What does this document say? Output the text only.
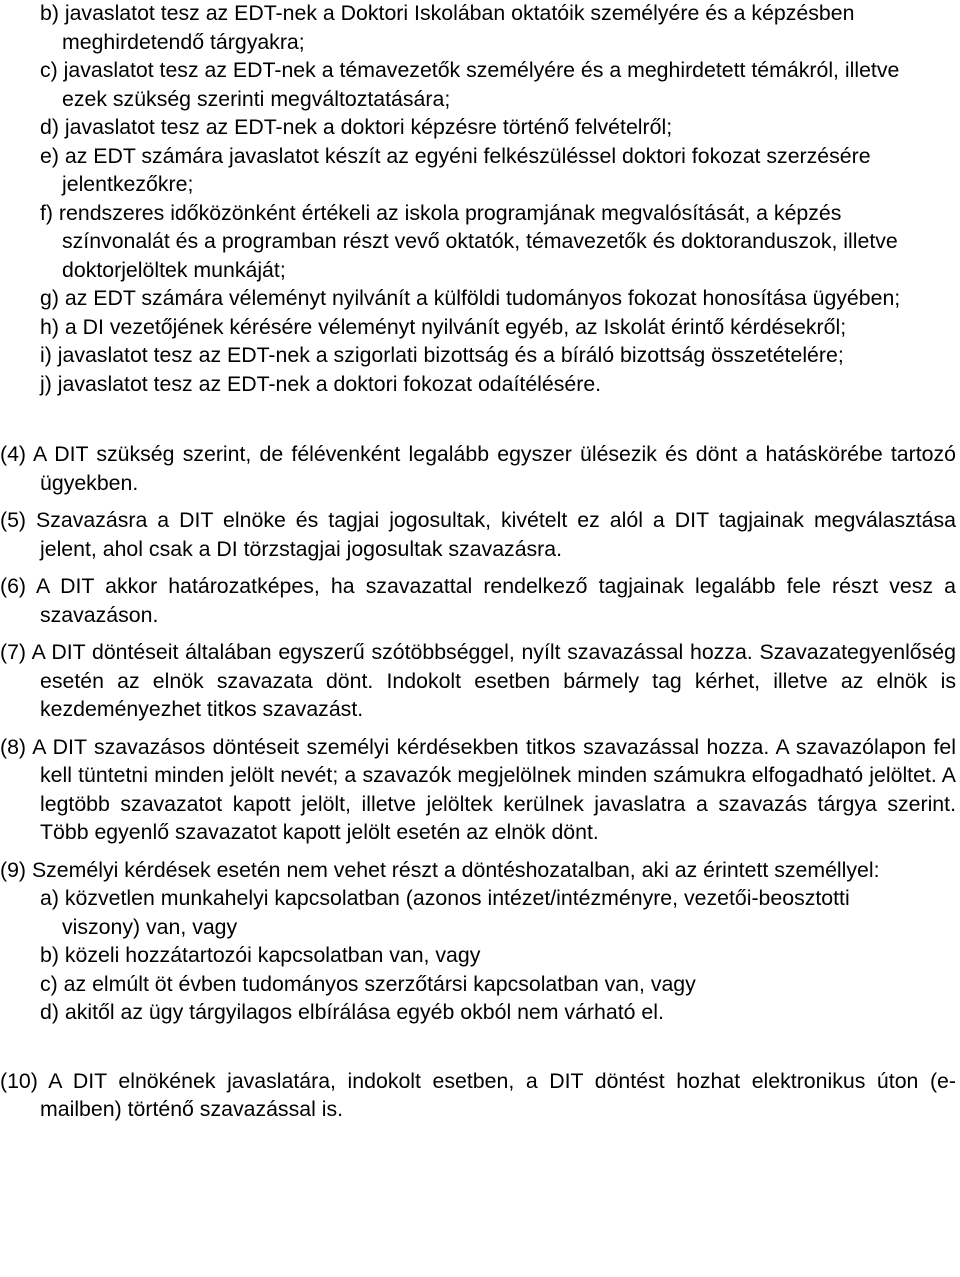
b) javaslatot tesz az EDT-nek a Doktori Iskolában oktatóik személyére és a képzésben meghirdetendő tárgyakra;

c) javaslatot tesz az EDT-nek a témavezetők személyére és a meghirdetett témákról, illetve ezek szükség szerinti megváltoztatására;

d) javaslatot tesz az EDT-nek a doktori képzésre történő felvételről;

e) az EDT számára javaslatot készít az egyéni felkészüléssel doktori fokozat szerzésére jelentkezőkre;

f) rendszeres időközönként értékeli az iskola programjának megvalósítását, a képzés színvonalát és a programban részt vevő oktatók, témavezetők és doktoranduszok, illetve doktorjelöltek munkáját;

g) az EDT számára véleményt nyilvánít a külföldi tudományos fokozat honosítása ügyében;

h) a DI vezetőjének kérésére véleményt nyilvánít egyéb, az Iskolát érintő kérdésekről;

i) javaslatot tesz az EDT-nek a szigorlati bizottság és a bíráló bizottság összetételére;

j) javaslatot tesz az EDT-nek a doktori fokozat odaítélésére.

(4) A DIT szükség szerint, de félévenként legalább egyszer ülésezik és dönt a hatáskörébe tartozó ügyekben.

(5) Szavazásra a DIT elnöke és tagjai jogosultak, kivételt ez alól a DIT tagjainak megválasztása jelent, ahol csak a DI törzstagjai jogosultak szavazásra.

(6) A DIT akkor határozatképes, ha szavazattal rendelkező tagjainak legalább fele részt vesz a szavazáson.

(7) A DIT döntéseit általában egyszerű szótöbbséggel, nyílt szavazással hozza. Szavazategyenlőség esetén az elnök szavazata dönt. Indokolt esetben bármely tag kérhet, illetve az elnök is kezdeményezhet titkos szavazást.

(8) A DIT szavazásos döntéseit személyi kérdésekben titkos szavazással hozza. A szavazólapon fel kell tüntetni minden jelölt nevét; a szavazók megjelölnek minden számukra elfogadható jelöltet. A legtöbb szavazatot kapott jelölt, illetve jelöltek kerülnek javaslatra a szavazás tárgya szerint. Több egyenlő szavazatot kapott jelölt esetén az elnök dönt.

(9) Személyi kérdések esetén nem vehet részt a döntéshozatalban, aki az érintett személlyel:

a) közvetlen munkahelyi kapcsolatban (azonos intézet/intézményre, vezetői-beosztotti viszony) van, vagy

b) közeli hozzátartozói kapcsolatban van, vagy

c) az elmúlt öt évben tudományos szerzőtársi kapcsolatban van, vagy

d) akitől az ügy tárgyilagos elbírálása egyéb okból nem várható el.

(10) A DIT elnökének javaslatára, indokolt esetben, a DIT döntést hozhat elektronikus úton (e-mailben) történő szavazással is.
